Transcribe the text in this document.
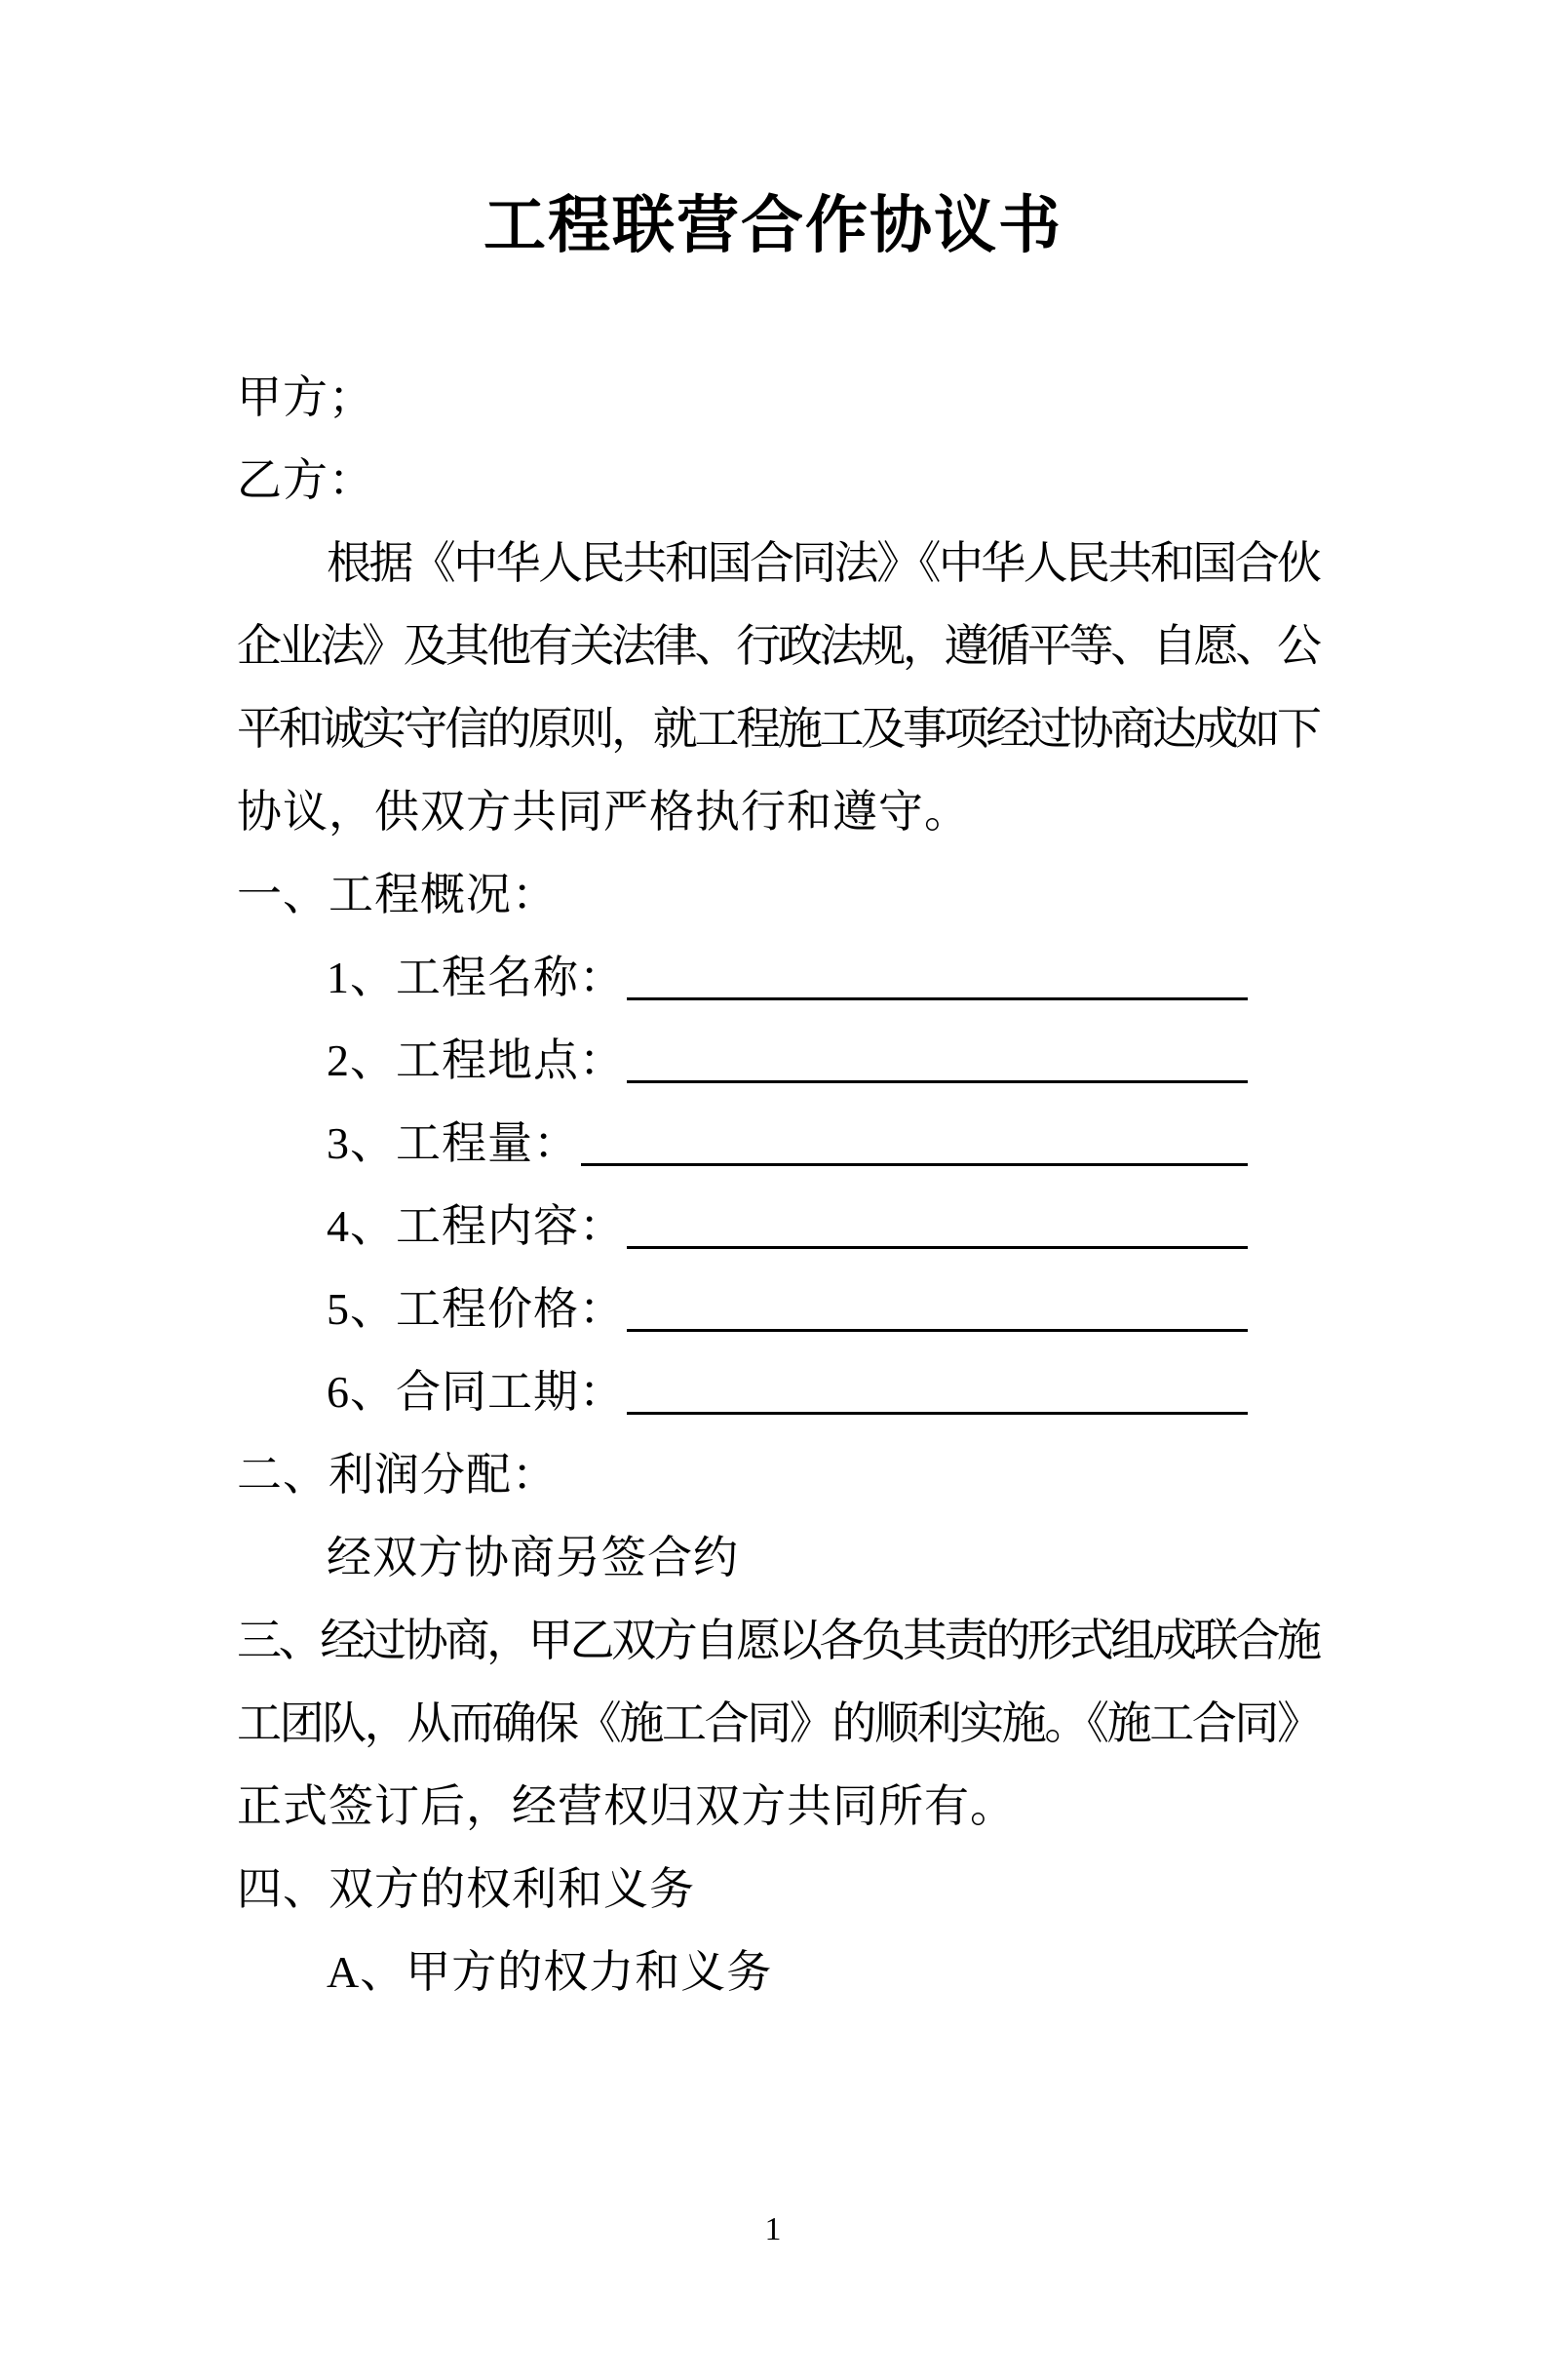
工程联营合作协议书
甲方；
乙方：
根据《中华人民共和国合同法》《中华人民共和国合伙
企业法》及其他有关法律、行政法规，遵循平等、自愿、公
平和诚实守信的原则，就工程施工及事项经过协商达成如下
协议，供双方共同严格执行和遵守。
一、工程概况：
1、工程名称：
2、工程地点：
3、工程量：
4、工程内容：
5、工程价格：
6、合同工期：
二、利润分配：
经双方协商另签合约
三、经过协商，甲乙双方自愿以各负其责的形式组成联合施
工团队，从而确保《施工合同》的顺利实施。《施工合同》
正式签订后，经营权归双方共同所有。
四、双方的权利和义务
A、甲方的权力和义务
1
